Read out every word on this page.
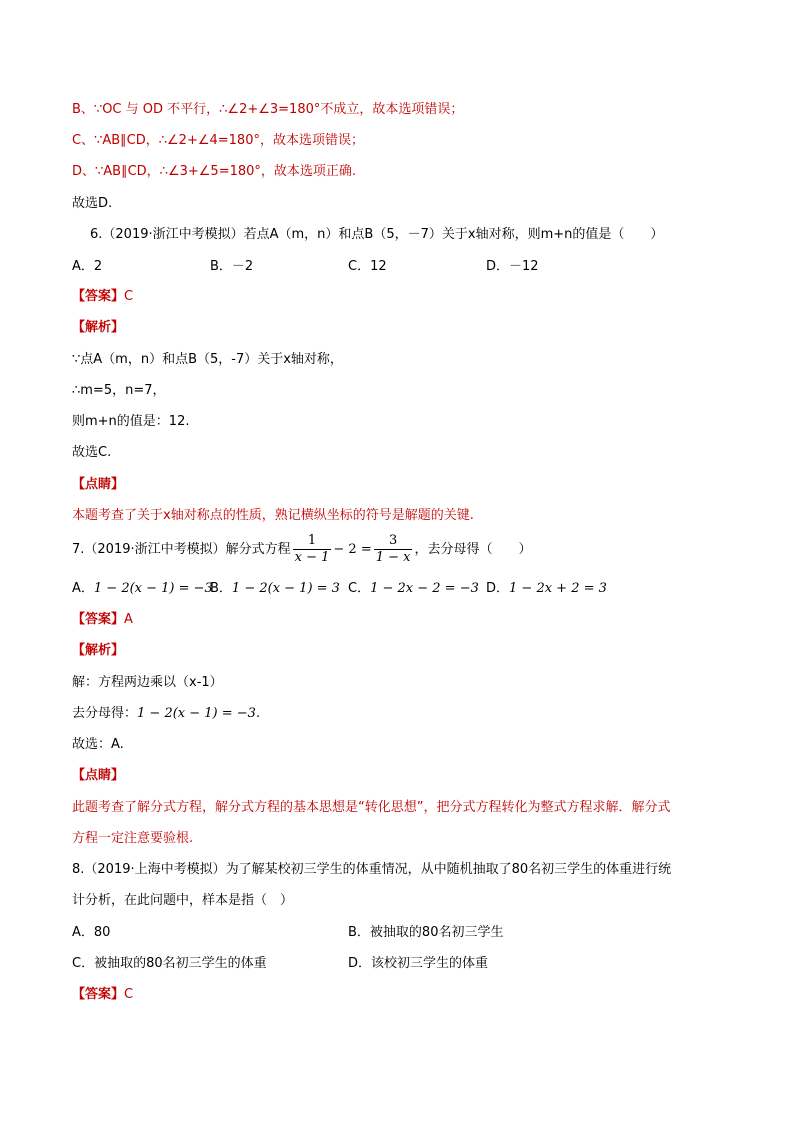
B、∵OC 与 OD 不平行，∴∠2+∠3=180°不成立，故本选项错误；
C、∵AB∥CD，∴∠2+∠4=180°，故本选项错误；
D、∵AB∥CD，∴∠3+∠5=180°，故本选项正确.
故选D.
6.（2019·浙江中考模拟）若点A（m，n）和点B（5，－7）关于x轴对称，则m+n的值是（　　）
A．2	B．－2	C．12	D．－12
【答案】C
【解析】
∵点A（m，n）和点B（5，-7）关于x轴对称，
∴m=5，n=7，
则m+n的值是：12.
故选C.
【点睛】
本题考查了关于x轴对称点的性质，熟记横纵坐标的符号是解题的关键.
7.（2019·浙江中考模拟）解分式方程 $\frac{1}{x - 1} - 2 = \frac{3}{1 - x}$ ，去分母得（　　）
A．1 − 2(x − 1) = −3
B．1 − 2(x − 1) = 3 C．1 − 2x − 2 = −3 D．1 − 2x + 2 = 3
【答案】A
【解析】
解：方程两边乘以（x-1）
去分母得：1 − 2(x − 1) = −3.
故选：A.
【点睛】
此题考查了解分式方程，解分式方程的基本思想是“转化思想”，把分式方程转化为整式方程求解．解分式
方程一定注意要验根.
8.（2019·上海中考模拟）为了解某校初三学生的体重情况，从中随机抽取了80名初三学生的体重进行统
计分析，在此问题中，样本是指（　）
A．80	B．被抽取的80名初三学生
C．被抽取的80名初三学生的体重	D．该校初三学生的体重
【答案】C
